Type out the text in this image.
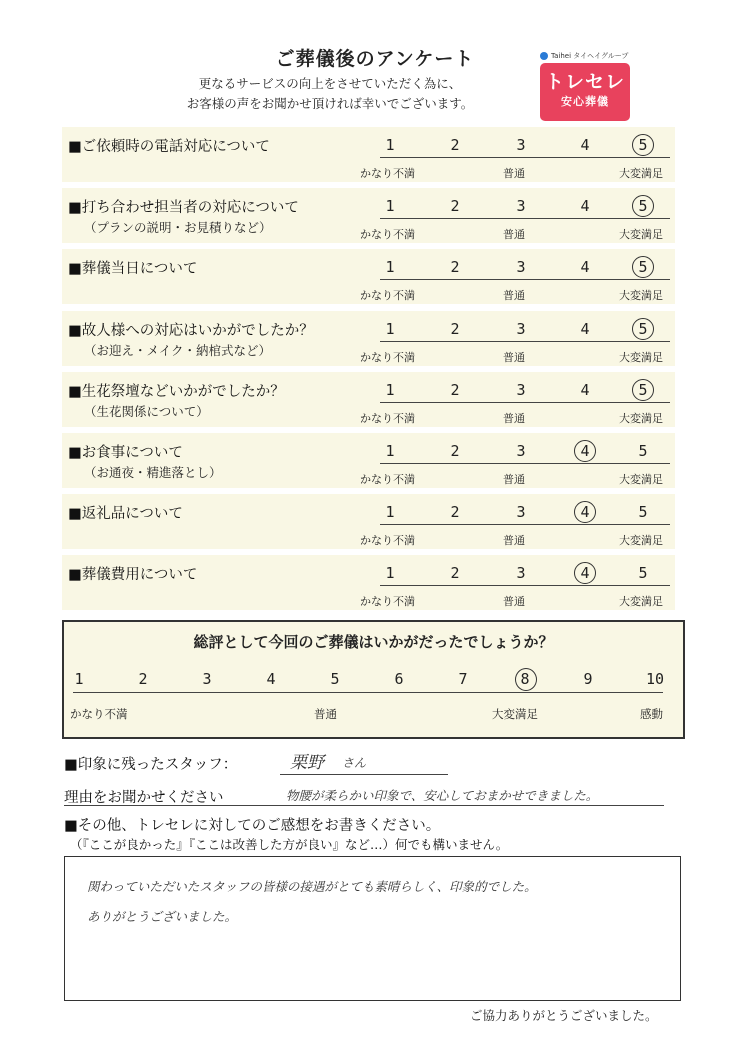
ご葬儀後のアンケート
更なるサービスの向上をさせていただく為に、
お客様の声をお聞かせ頂ければ幸いでございます。
Taihei タイヘイグループ
トレセレ
安心葬儀
■ご依頼時の電話対応について	1	2	3	4	5
かなり不満	普通	大変満足
■打ち合わせ担当者の対応について
（プランの説明・お見積りなど）
1	2	3	4	5
かなり不満	普通	大変満足
■葬儀当日について	1	2	3	4	5
かなり不満	普通	大変満足
■故人様への対応はいかがでしたか？
（お迎え・メイク・納棺式など）
1	2	3	4	5
かなり不満	普通	大変満足
■生花祭壇などいかがでしたか？
（生花関係について）
1	2	3	4	5
かなり不満	普通	大変満足
■お食事について
（お通夜・精進落とし）
1	2	3	4	5
かなり不満	普通	大変満足
■返礼品について	1	2	3	4	5
かなり不満	普通	大変満足
■葬儀費用について	1	2	3	4	5
かなり不満	普通	大変満足
総評として今回のご葬儀はいかがだったでしょうか？
1	2	3	4	5	6	7	8	9	10
かなり不満	普通	大変満足	感動
■印象に残ったスタッフ：	栗野 さん
理由をお聞かせください	物腰が柔らかい印象で、安心しておまかせできました。
■その他、トレセレに対してのご感想をお書きください。
（『ここが良かった』『ここは改善した方が良い』など…）何でも構いません。
関わっていただいたスタッフの皆様の接遇がとても素晴らしく、印象的でした。
ありがとうございました。
ご協力ありがとうございました。
